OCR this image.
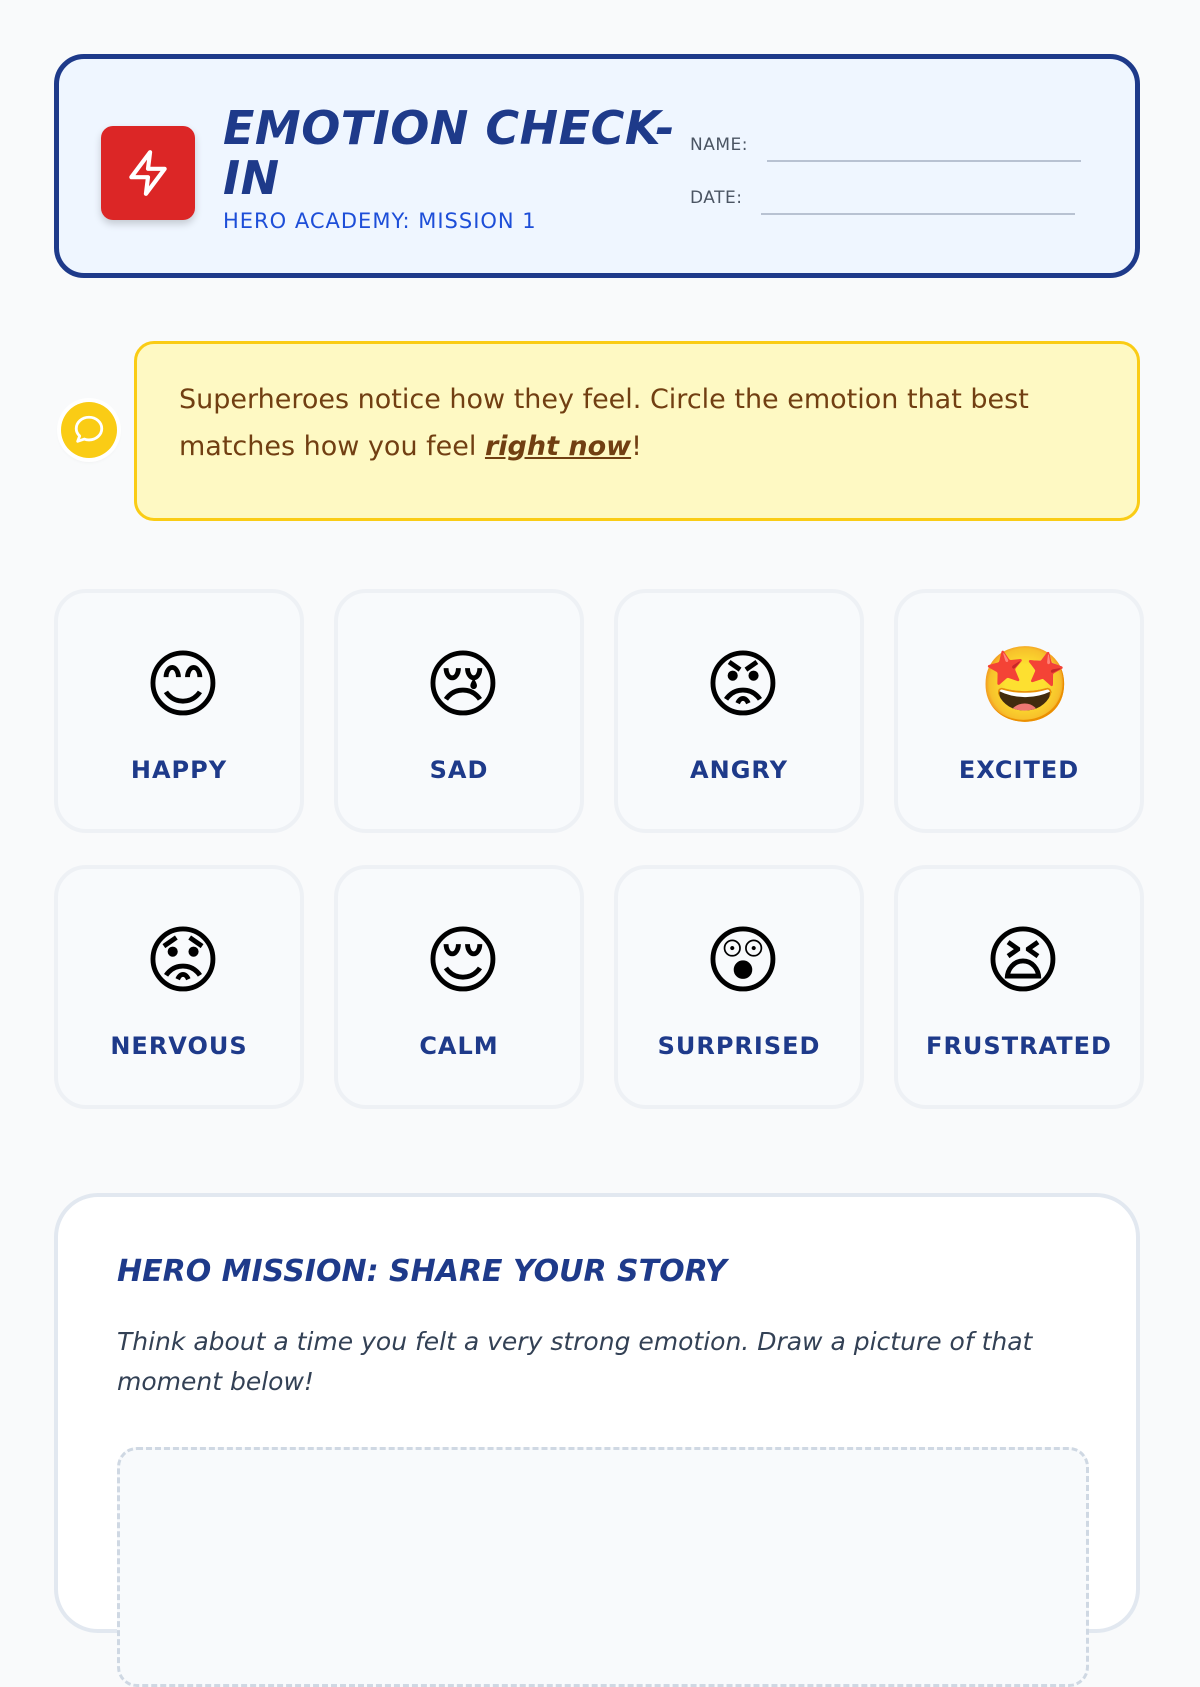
EMOTION CHECK-IN
HERO ACADEMY: MISSION 1
NAME:
DATE:

Superheroes notice how they feel. Circle the emotion that best matches how you feel right now!

😊
HAPPY
😢
SAD
😡
ANGRY
🤩
EXCITED
😟
NERVOUS
😌
CALM
😲
SURPRISED
😫
FRUSTRATED
HERO MISSION: SHARE YOUR STORY

Think about a time you felt a very strong emotion. Draw a picture of that moment below!
